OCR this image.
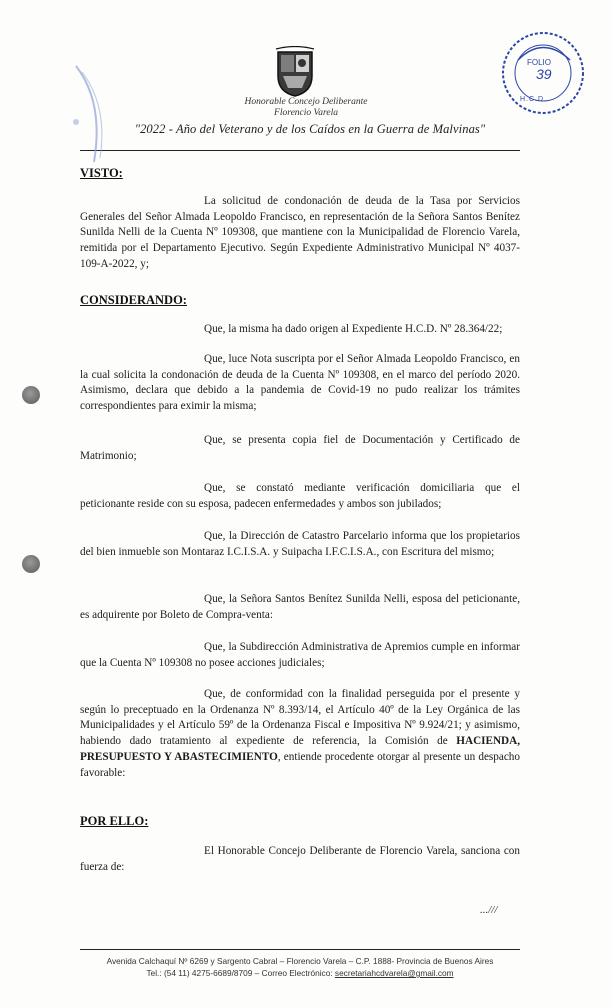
Honorable Concejo Deliberante
Florencio Varela
"2022 - Año del Veterano y de los Caídos en la Guerra de Malvinas"
FOLIO
39
H.C.D.
VISTO:
La solicitud de condonación de deuda de la Tasa por Servicios Generales del Señor Almada Leopoldo Francisco, en representación de la Señora Santos Benítez Sunilda Nelli de la Cuenta Nº 109308, que mantiene con la Municipalidad de Florencio Varela, remitida por el Departamento Ejecutivo. Según Expediente Administrativo Municipal Nº 4037-109-A-2022, y;
CONSIDERANDO:
Que, la misma ha dado origen al Expediente H.C.D. Nº 28.364/22;
Que, luce Nota suscripta por el Señor Almada Leopoldo Francisco, en la cual solicita la condonación de deuda de la Cuenta Nº 109308, en el marco del período 2020. Asimismo, declara que debido a la pandemia de Covid-19 no pudo realizar los trámites correspondientes para eximir la misma;
Que, se presenta copia fiel de Documentación y Certificado de Matrimonio;
Que, se constató mediante verificación domiciliaria que el peticionante reside con su esposa, padecen enfermedades y ambos son jubilados;
Que, la Dirección de Catastro Parcelario informa que los propietarios del bien inmueble son Montaraz I.C.I.S.A. y Suipacha I.F.C.I.S.A., con Escritura del mismo;
Que, la Señora Santos Benítez Sunilda Nelli, esposa del peticionante, es adquirente por Boleto de Compra-venta:
Que, la Subdirección Administrativa de Apremios cumple en informar que la Cuenta Nº 109308 no posee acciones judiciales;
Que, de conformidad con la finalidad perseguida por el presente y según lo preceptuado en la Ordenanza Nº 8.393/14, el Artículo 40º de la Ley Orgánica de las Municipalidades y el Artículo 59º de la Ordenanza Fiscal e Impositiva Nº 9.924/21; y asimismo, habiendo dado tratamiento al expediente de referencia, la Comisión de HACIENDA, PRESUPUESTO Y ABASTECIMIENTO, entiende procedente otorgar al presente un despacho favorable:
POR ELLO:
El Honorable Concejo Deliberante de Florencio Varela, sanciona con fuerza de:
...///
Avenida Calchaquí Nº 6269 y Sargento Cabral – Florencio Varela – C.P. 1888- Provincia de Buenos Aires
Tel.: (54 11) 4275-6689/8709 – Correo Electrónico: secretariahcdvarela@gmail.com
